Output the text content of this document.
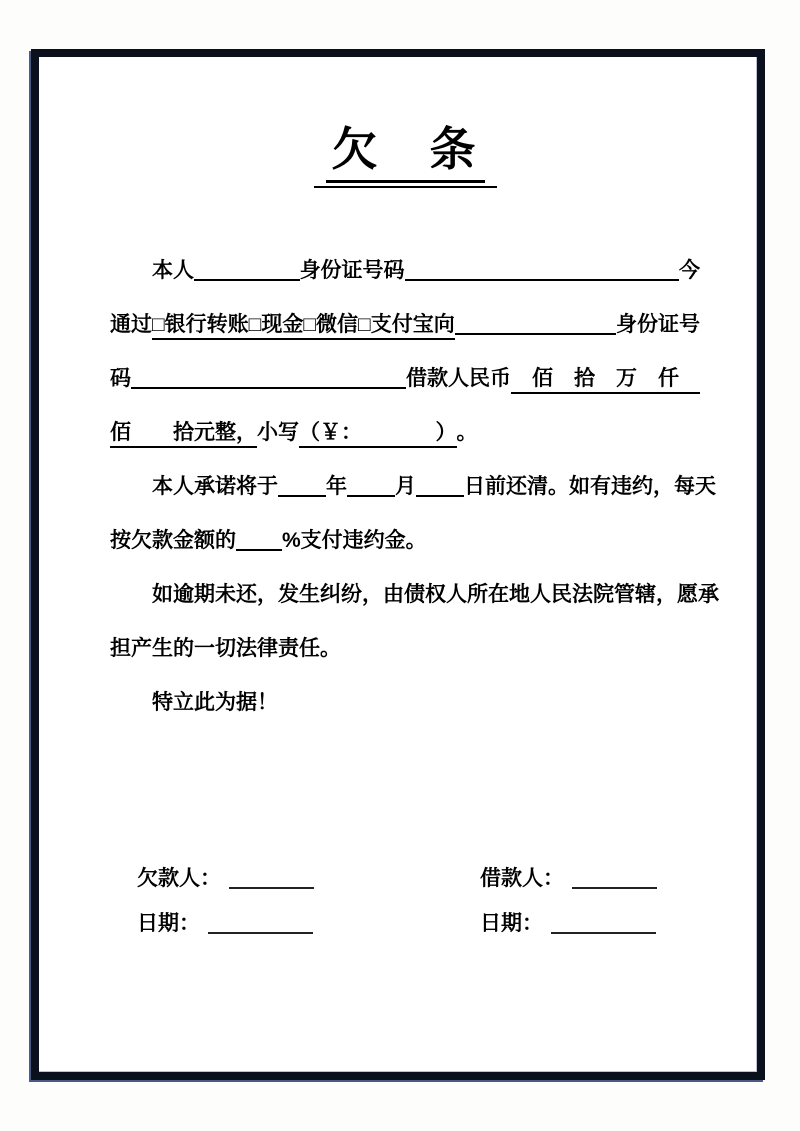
欠　条
本人	身份证号码	今
通过 □银行转账□现金□微信□支付宝向	身份证号
码	借款人民币 　佰　拾　万　仟　
佰　　拾元整， 小写 （￥：　　　　） 。
本人承诺将于 年 月 日前还清。如有违约，每天
按欠款金额的 %支付违约金。
如逾期未还，发生纠纷，由债权人所在地人民法院管辖，愿承
担产生的一切法律责任。
特立此为据！
欠款人：	借款人：
日期：	日期：
